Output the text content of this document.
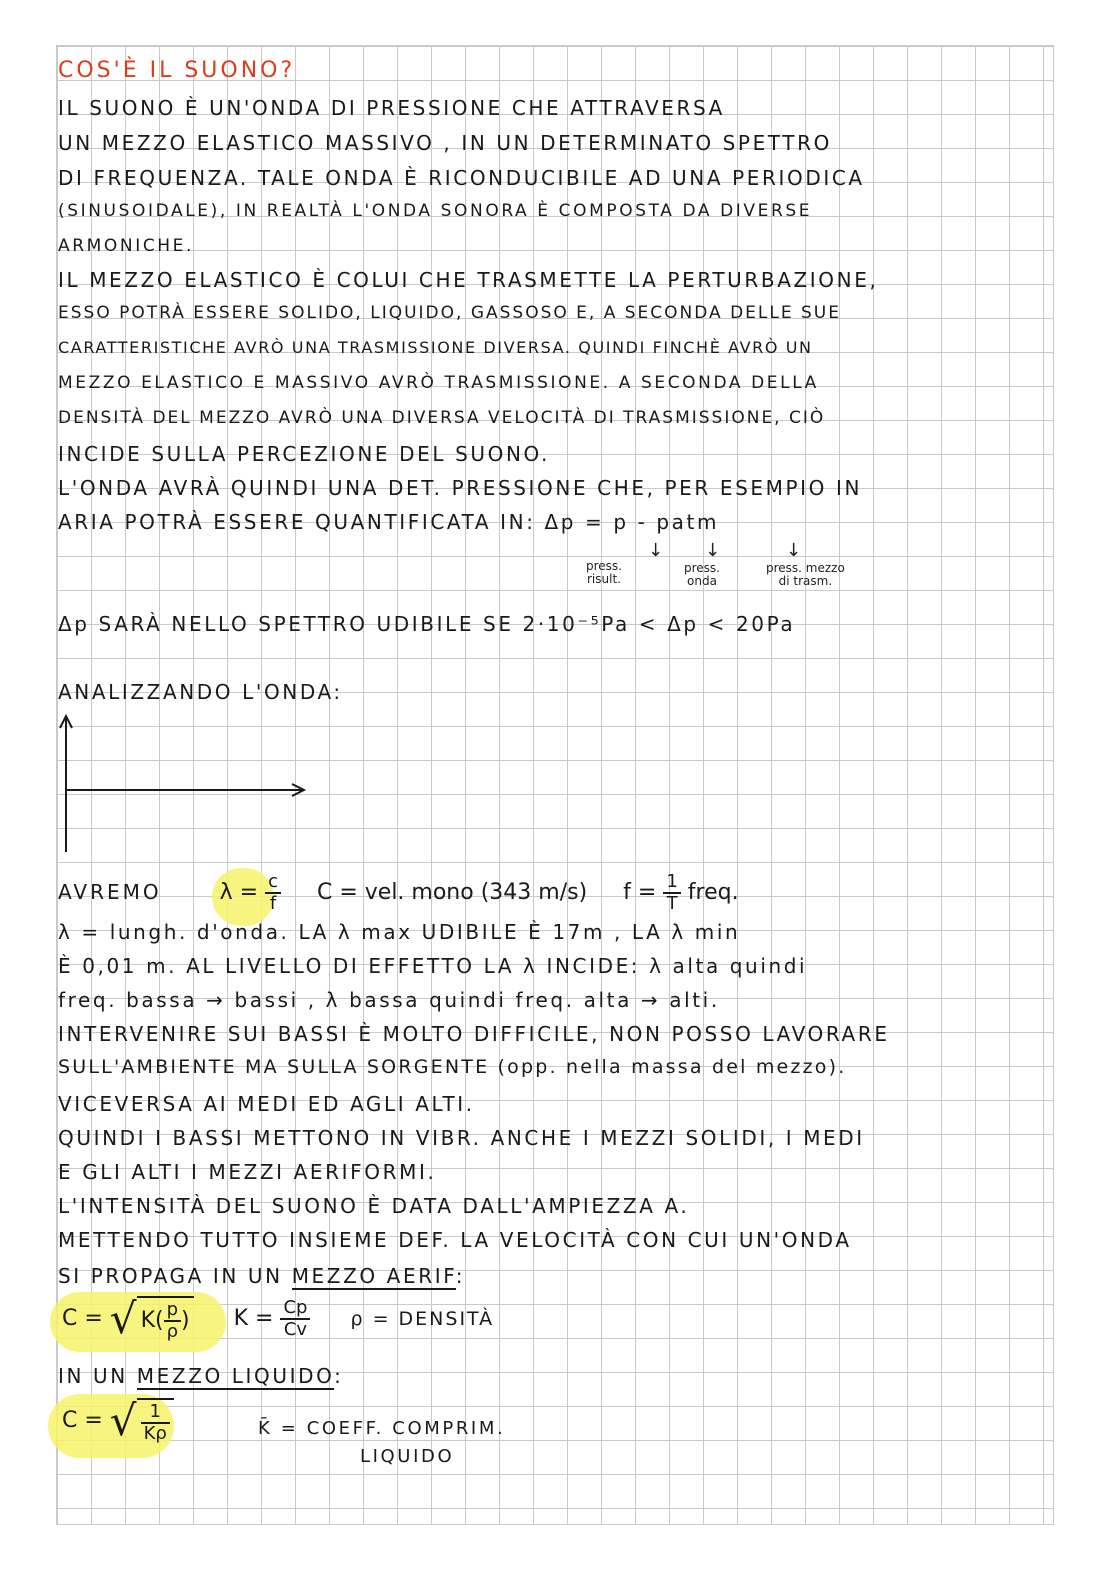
COS'È IL SUONO?
IL SUONO È UN'ONDA DI PRESSIONE CHE ATTRAVERSA
UN MEZZO ELASTICO MASSIVO , IN UN DETERMINATO SPETTRO
DI FREQUENZA. TALE ONDA È RICONDUCIBILE AD UNA PERIODICA
(SINUSOIDALE), IN REALTÀ L'ONDA SONORA È COMPOSTA DA DIVERSE
ARMONICHE.
IL MEZZO ELASTICO È COLUI CHE TRASMETTE LA PERTURBAZIONE,
ESSO POTRÀ ESSERE SOLIDO, LIQUIDO, GASSOSO E, A SECONDA DELLE SUE
CARATTERISTICHE AVRÒ UNA TRASMISSIONE DIVERSA. QUINDI FINCHÈ AVRÒ UN
MEZZO ELASTICO E MASSIVO AVRÒ TRASMISSIONE. A SECONDA DELLA
DENSITÀ DEL MEZZO AVRÒ UNA DIVERSA VELOCITÀ DI TRASMISSIONE, CIÒ
INCIDE SULLA PERCEZIONE DEL SUONO.
L'ONDA AVRÀ QUINDI UNA DET. PRESSIONE CHE, PER ESEMPIO IN
ARIA POTRÀ ESSERE QUANTIFICATA IN: Δp = p - patm
↓ ↓	↓
press.
risult.
press.
onda
press. mezzo
di trasm.
Δp SARÀ NELLO SPETTRO UDIBILE SE 2·10⁻⁵Pa < Δp < 20Pa
ANALIZZANDO L'ONDA:
AVREMO	$\lambda = \frac{c}{f}$ C = vel. mono (343 m/s) $f = \frac{1}{T}$ freq.
λ = lungh. d'onda. LA λ max UDIBILE È 17m , LA λ min
È 0,01 m. AL LIVELLO DI EFFETTO LA λ INCIDE: λ alta quindi
freq. bassa → bassi , λ bassa quindi freq. alta → alti.
INTERVENIRE SUI BASSI È MOLTO DIFFICILE, NON POSSO LAVORARE
SULL'AMBIENTE MA SULLA SORGENTE (opp. nella massa del mezzo).
VICEVERSA AI MEDI ED AGLI ALTI.
QUINDI I BASSI METTONO IN VIBR. ANCHE I MEZZI SOLIDI, I MEDI
E GLI ALTI I MEZZI AERIFORMI.
L'INTENSITÀ DEL SUONO È DATA DALL'AMPIEZZA A.
METTENDO TUTTO INSIEME DEF. LA VELOCITÀ CON CUI UN'ONDA
SI PROPAGA IN UN MEZZO AERIF:
C = √ $K( \frac{p}{\rho}$ ) $K = \frac{Cp}{Cv}$ ρ = DENSITÀ
IN UN MEZZO LIQUIDO:
C = √ $\frac{1}{K̄\rho}$	K̄ = COEFF. COMPRIM.
LIQUIDO
